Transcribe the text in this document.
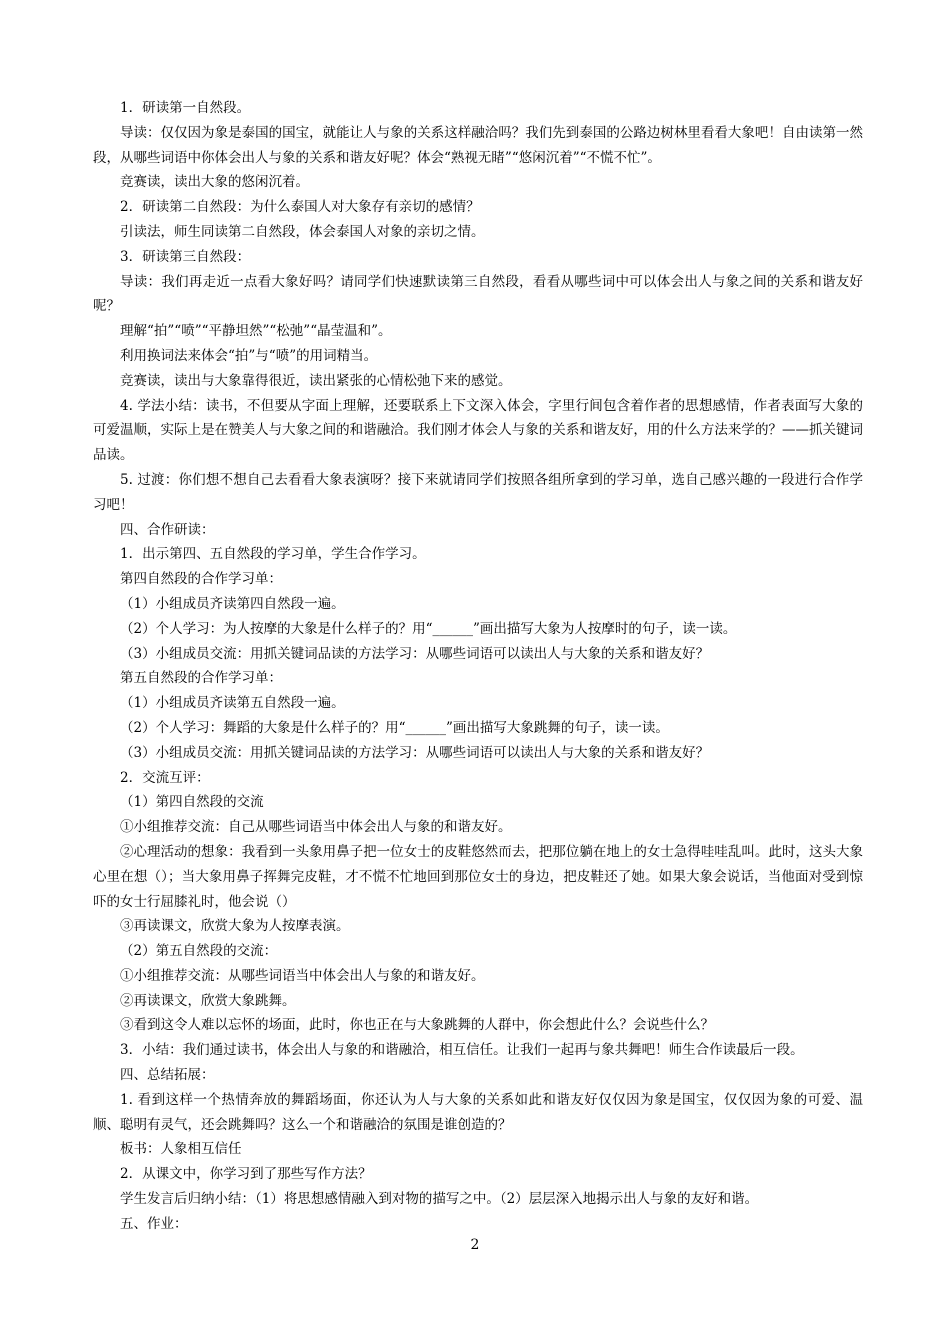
1．研读第一自然段。

导读：仅仅因为象是泰国的国宝，就能让人与象的关系这样融洽吗？我们先到泰国的公路边树林里看看大象吧！自由读第一然段，从哪些词语中你体会出人与象的关系和谐友好呢？体会“熟视无睹”“悠闲沉着”“不慌不忙”。

竞赛读，读出大象的悠闲沉着。

2．研读第二自然段：为什么泰国人对大象存有亲切的感情？

引读法，师生同读第二自然段，体会泰国人对象的亲切之情。

3．研读第三自然段：

导读：我们再走近一点看大象好吗？请同学们快速默读第三自然段，看看从哪些词中可以体会出人与象之间的关系和谐友好呢？

理解“拍”“喷”“平静坦然”“松弛”“晶莹温和”。

利用换词法来体会“拍”与“喷”的用词精当。

竞赛读，读出与大象靠得很近，读出紧张的心情松弛下来的感觉。

4. 学法小结：读书，不但要从字面上理解，还要联系上下文深入体会，字里行间包含着作者的思想感情，作者表面写大象的可爱温顺，实际上是在赞美人与大象之间的和谐融洽。我们刚才体会人与象的关系和谐友好，用的什么方法来学的？——抓关键词品读。

5. 过渡：你们想不想自己去看看大象表演呀？接下来就请同学们按照各组所拿到的学习单，选自己感兴趣的一段进行合作学习吧！

四、合作研读：

1．出示第四、五自然段的学习单，学生合作学习。

第四自然段的合作学习单：

（1）小组成员齐读第四自然段一遍。

（2）个人学习：为人按摩的大象是什么样子的？用“______”画出描写大象为人按摩时的句子，读一读。

（3）小组成员交流：用抓关键词品读的方法学习：从哪些词语可以读出人与大象的关系和谐友好？

第五自然段的合作学习单：

（1）小组成员齐读第五自然段一遍。

（2）个人学习：舞蹈的大象是什么样子的？用“______”画出描写大象跳舞的句子，读一读。

（3）小组成员交流：用抓关键词品读的方法学习：从哪些词语可以读出人与大象的关系和谐友好？

2．交流互评：

（1）第四自然段的交流

①小组推荐交流：自己从哪些词语当中体会出人与象的和谐友好。

②心理活动的想象：我看到一头象用鼻子把一位女士的皮鞋悠然而去，把那位躺在地上的女士急得哇哇乱叫。此时，这头大象心里在想（）；当大象用鼻子挥舞完皮鞋，才不慌不忙地回到那位女士的身边，把皮鞋还了她。如果大象会说话，当他面对受到惊吓的女士行屈膝礼时，他会说（）

③再读课文，欣赏大象为人按摩表演。

（2）第五自然段的交流：

①小组推荐交流：从哪些词语当中体会出人与象的和谐友好。

②再读课文，欣赏大象跳舞。

③看到这令人难以忘怀的场面，此时，你也正在与大象跳舞的人群中，你会想此什么？会说些什么？

3．小结：我们通过读书，体会出人与象的和谐融洽，相互信任。让我们一起再与象共舞吧！师生合作读最后一段。

四、总结拓展：

1. 看到这样一个热情奔放的舞蹈场面，你还认为人与大象的关系如此和谐友好仅仅因为象是国宝，仅仅因为象的可爱、温顺、聪明有灵气，还会跳舞吗？这么一个和谐融洽的氛围是谁创造的？

板书：人象相互信任

2．从课文中，你学习到了那些写作方法？

学生发言后归纳小结：（1）将思想感情融入到对物的描写之中。（2）层层深入地揭示出人与象的友好和谐。

五、作业：

2
